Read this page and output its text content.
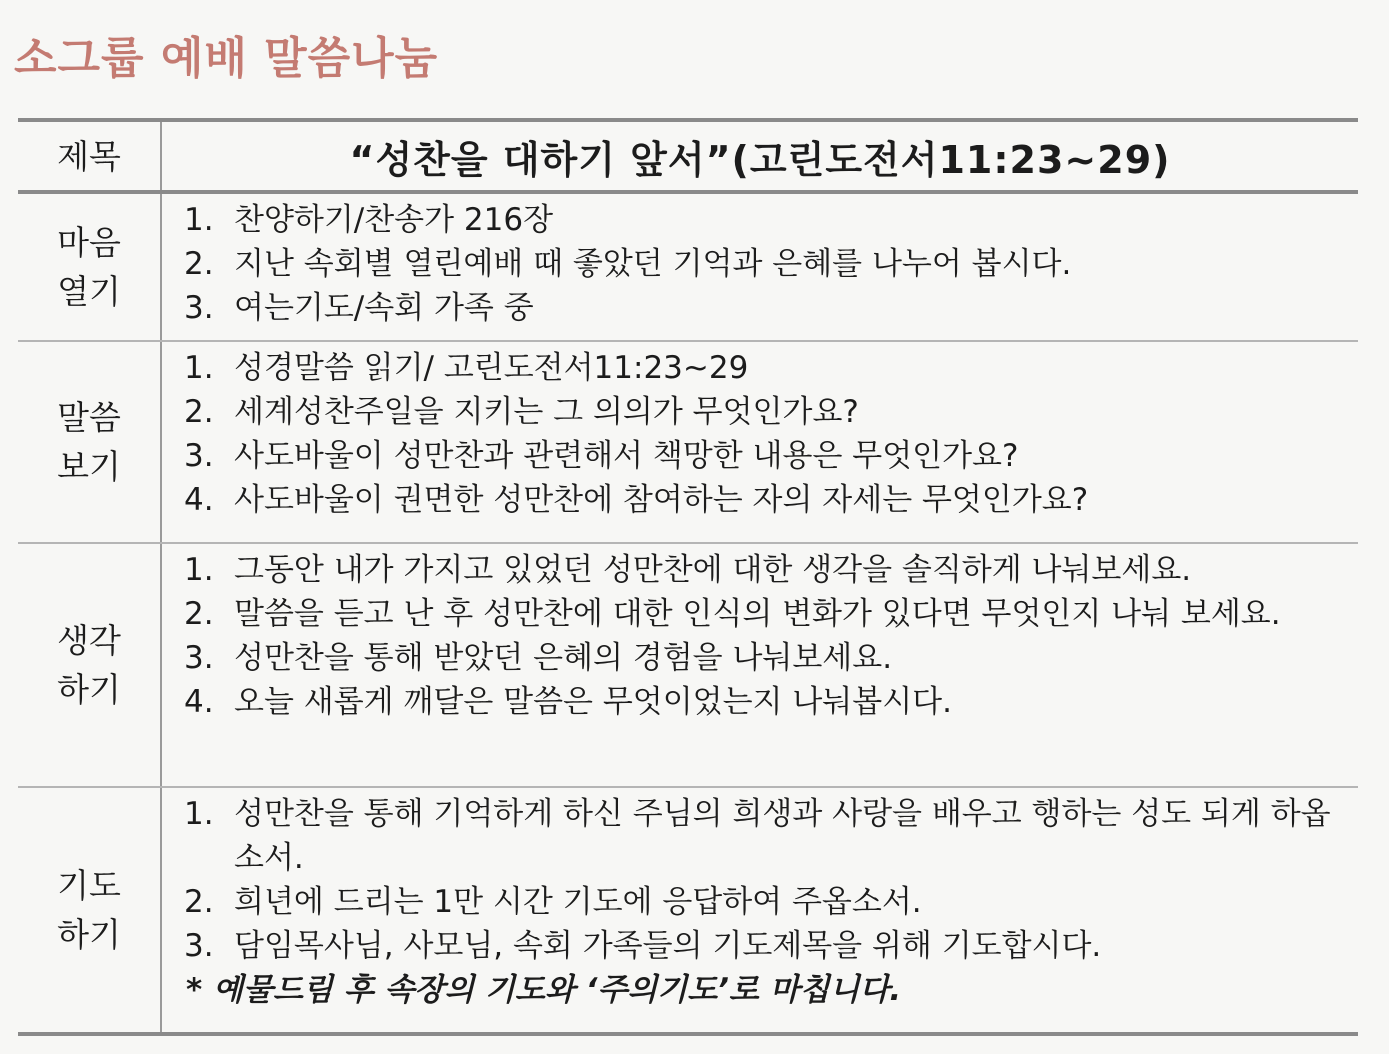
소그룹 예배 말씀나눔
제목	“성찬을 대하기 앞서”(고린도전서11:23~29)
마음
열기
1. 찬양하기/찬송가 216장
2. 지난 속회별 열린예배 때 좋았던 기억과 은혜를 나누어 봅시다.
3. 여는기도/속회 가족 중
말씀
보기
1. 성경말씀 읽기/ 고린도전서11:23~29
2. 세계성찬주일을 지키는 그 의의가 무엇인가요?
3. 사도바울이 성만찬과 관련해서 책망한 내용은 무엇인가요?
4. 사도바울이 권면한 성만찬에 참여하는 자의 자세는 무엇인가요?
생각
하기
1. 그동안 내가 가지고 있었던 성만찬에 대한 생각을 솔직하게 나눠보세요.
2. 말씀을 듣고 난 후 성만찬에 대한 인식의 변화가 있다면 무엇인지 나눠 보세요.
3. 성만찬을 통해 받았던 은혜의 경험을 나눠보세요.
4. 오늘 새롭게 깨달은 말씀은 무엇이었는지 나눠봅시다.
기도
하기
1. 성만찬을 통해 기억하게 하신 주님의 희생과 사랑을 배우고 행하는 성도 되게 하옵소서.
2. 희년에 드리는 1만 시간 기도에 응답하여 주옵소서.
3. 담임목사님, 사모님, 속회 가족들의 기도제목을 위해 기도합시다.
* 예물드림 후 속장의 기도와 ‘주의기도’로 마칩니다.
